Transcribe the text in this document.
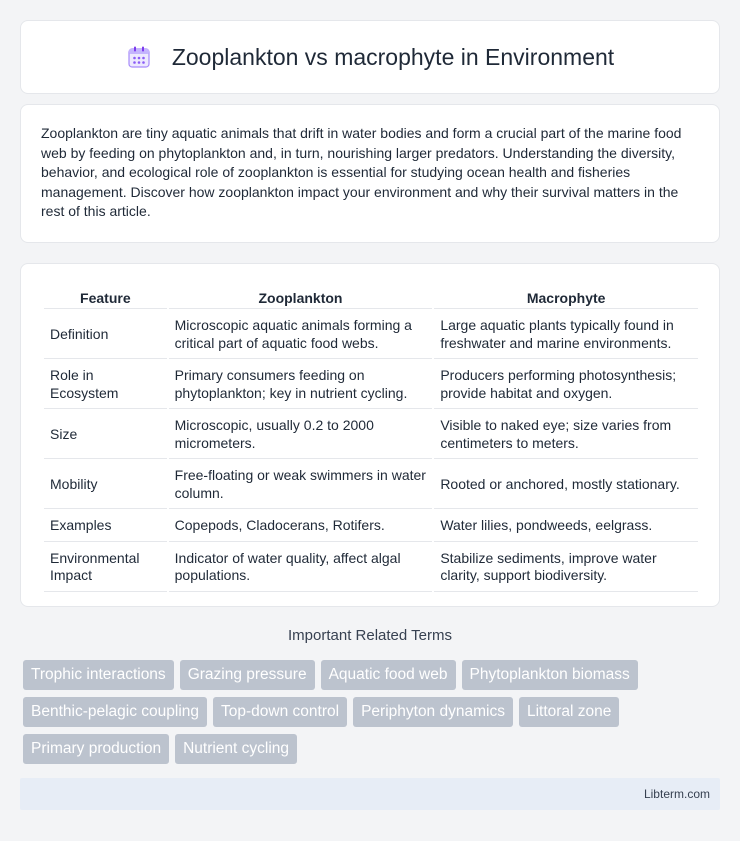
Zooplankton vs macrophyte in Environment

Zooplankton are tiny aquatic animals that drift in water bodies and form a crucial part of the marine food web by feeding on phytoplankton and, in turn, nourishing larger predators. Understanding the diversity, behavior, and ecological role of zooplankton is essential for studying ocean health and fisheries management. Discover how zooplankton impact your environment and why their survival matters in the rest of this article.

Feature	Zooplankton	Macrophyte
Definition	Microscopic aquatic animals forming a critical part of aquatic food webs.	Large aquatic plants typically found in freshwater and marine environments.
Role in Ecosystem	Primary consumers feeding on phytoplankton; key in nutrient cycling.	Producers performing photosynthesis; provide habitat and oxygen.
Size	Microscopic, usually 0.2 to 2000 micrometers.	Visible to naked eye; size varies from centimeters to meters.
Mobility	Free-floating or weak swimmers in water column.	Rooted or anchored, mostly stationary.
Examples	Copepods, Cladocerans, Rotifers.	Water lilies, pondweeds, eelgrass.
Environmental Impact	Indicator of water quality, affect algal populations.	Stabilize sediments, improve water clarity, support biodiversity.
Important Related Terms
Trophic interactions	Grazing pressure	Aquatic food web	Phytoplankton biomass
Benthic-pelagic coupling	Top-down control	Periphyton dynamics	Littoral zone
Primary production	Nutrient cycling
Libterm.com
